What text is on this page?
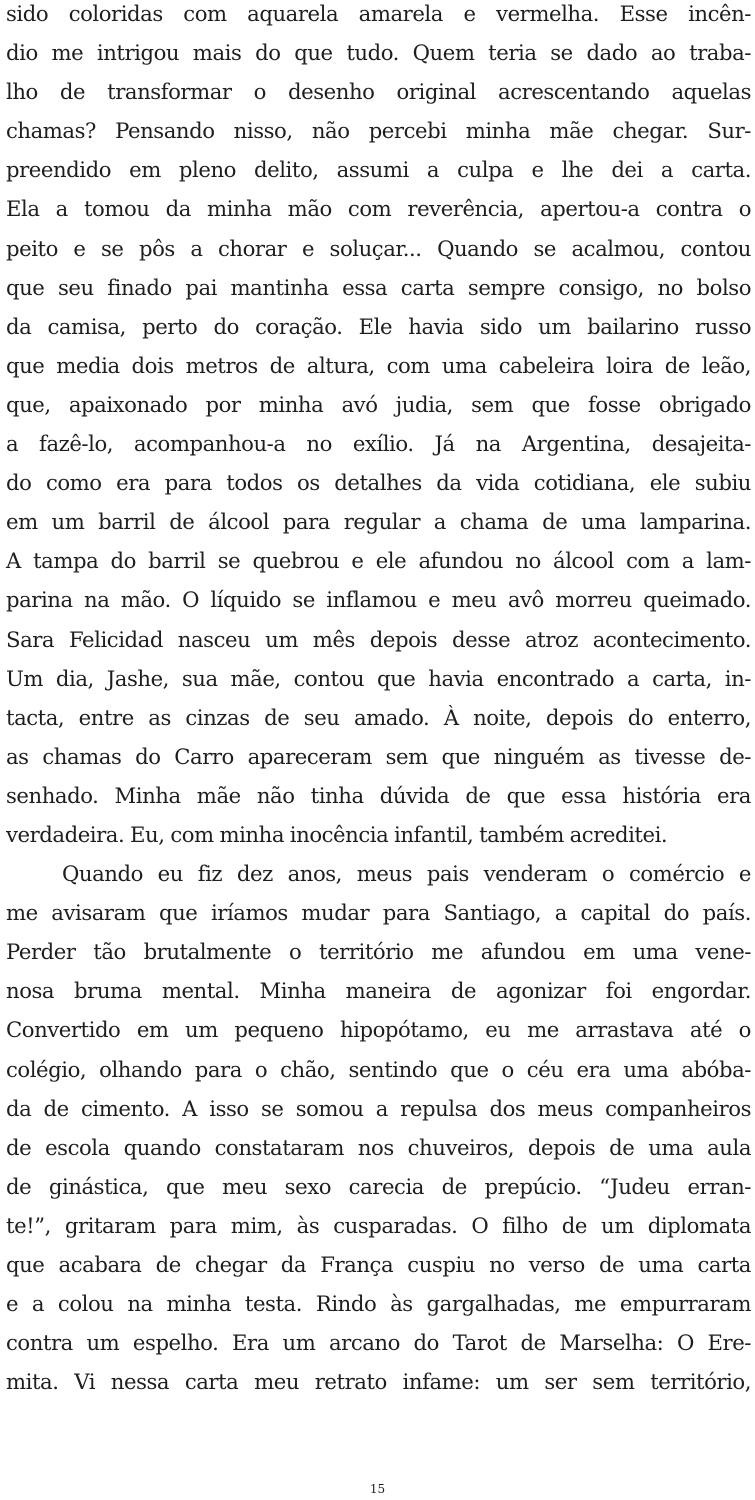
sido coloridas com aquarela amarela e vermelha. Esse incên-
dio me intrigou mais do que tudo. Quem teria se dado ao traba-
lho de transformar o desenho original acrescentando aquelas
chamas? Pensando nisso, não percebi minha mãe chegar. Sur-
preendido em pleno delito, assumi a culpa e lhe dei a carta.
Ela a tomou da minha mão com reverência, apertou-a contra o
peito e se pôs a chorar e soluçar... Quando se acalmou, contou
que seu finado pai mantinha essa carta sempre consigo, no bolso
da camisa, perto do coração. Ele havia sido um bailarino russo
que media dois metros de altura, com uma cabeleira loira de leão,
que, apaixonado por minha avó judia, sem que fosse obrigado
a fazê-lo, acompanhou-a no exílio. Já na Argentina, desajeita-
do como era para todos os detalhes da vida cotidiana, ele subiu
em um barril de álcool para regular a chama de uma lamparina.
A tampa do barril se quebrou e ele afundou no álcool com a lam-
parina na mão. O líquido se inflamou e meu avô morreu queimado.
Sara Felicidad nasceu um mês depois desse atroz acontecimento.
Um dia, Jashe, sua mãe, contou que havia encontrado a carta, in-
tacta, entre as cinzas de seu amado. À noite, depois do enterro,
as chamas do Carro apareceram sem que ninguém as tivesse de-
senhado. Minha mãe não tinha dúvida de que essa história era
verdadeira. Eu, com minha inocência infantil, também acreditei.
Quando eu fiz dez anos, meus pais venderam o comércio e
me avisaram que iríamos mudar para Santiago, a capital do país.
Perder tão brutalmente o território me afundou em uma vene-
nosa bruma mental. Minha maneira de agonizar foi engordar.
Convertido em um pequeno hipopótamo, eu me arrastava até o
colégio, olhando para o chão, sentindo que o céu era uma abóba-
da de cimento. A isso se somou a repulsa dos meus companheiros
de escola quando constataram nos chuveiros, depois de uma aula
de ginástica, que meu sexo carecia de prepúcio. “Judeu erran-
te!”, gritaram para mim, às cusparadas. O filho de um diplomata
que acabara de chegar da França cuspiu no verso de uma carta
e a colou na minha testa. Rindo às gargalhadas, me empurraram
contra um espelho. Era um arcano do Tarot de Marselha: O Ere-
mita. Vi nessa carta meu retrato infame: um ser sem território,
15
